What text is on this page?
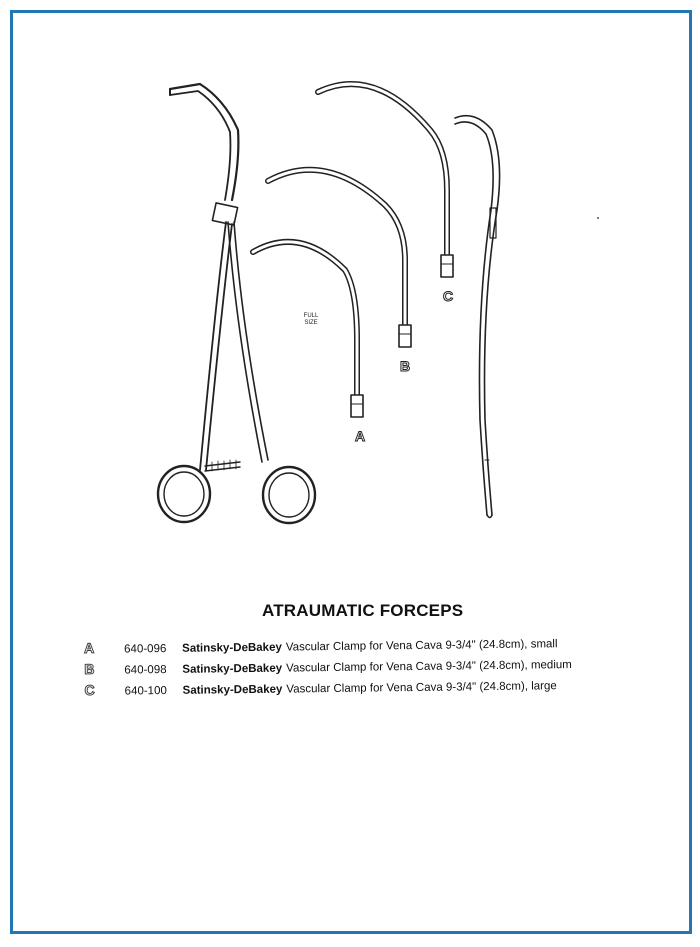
FULL
SIZE
A
B
C
ATRAUMATIC FORCEPS
A	640-096	Satinsky-DeBakey Vascular Clamp for Vena Cava 9-3/4" (24.8cm), small
B	640-098	Satinsky-DeBakey Vascular Clamp for Vena Cava 9-3/4" (24.8cm), medium
C	640-100	Satinsky-DeBakey Vascular Clamp for Vena Cava 9-3/4" (24.8cm), large
